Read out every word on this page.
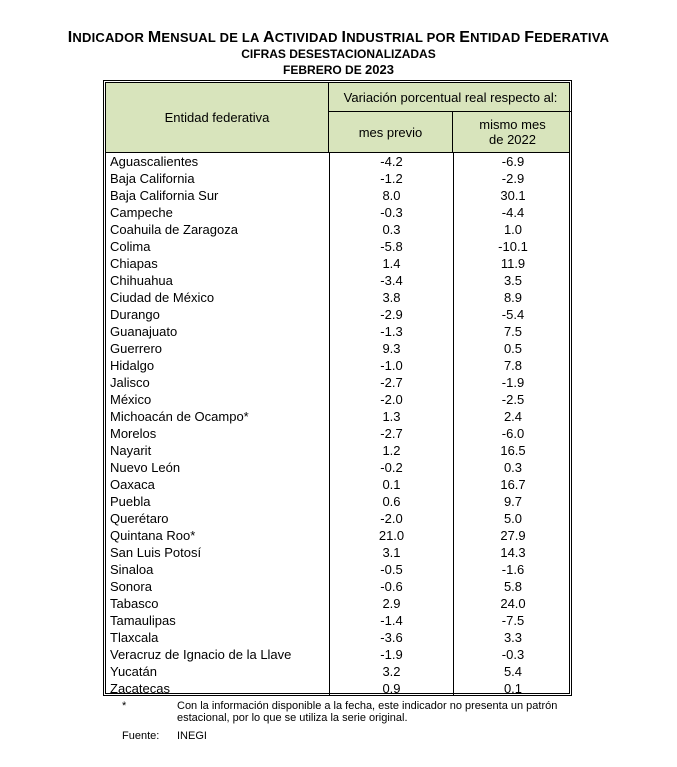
INDICADOR MENSUAL DE LA ACTIVIDAD INDUSTRIAL POR ENTIDAD FEDERATIVA
CIFRAS DESESTACIONALIZADAS
FEBRERO DE 2023
Entidad federativa
Variación porcentual real respecto al:
mes previo	mismo mes
de 2022
Aguascalientes	-4.2	-6.9
Baja California	-1.2	-2.9
Baja California Sur	8.0	30.1
Campeche	-0.3	-4.4
Coahuila de Zaragoza	0.3	1.0
Colima	-5.8	-10.1
Chiapas	1.4	11.9
Chihuahua	-3.4	3.5
Ciudad de México	3.8	8.9
Durango	-2.9	-5.4
Guanajuato	-1.3	7.5
Guerrero	9.3	0.5
Hidalgo	-1.0	7.8
Jalisco	-2.7	-1.9
México	-2.0	-2.5
Michoacán de Ocampo*	1.3	2.4
Morelos	-2.7	-6.0
Nayarit	1.2	16.5
Nuevo León	-0.2	0.3
Oaxaca	0.1	16.7
Puebla	0.6	9.7
Querétaro	-2.0	5.0
Quintana Roo*	21.0	27.9
San Luis Potosí	3.1	14.3
Sinaloa	-0.5	-1.6
Sonora	-0.6	5.8
Tabasco	2.9	24.0
Tamaulipas	-1.4	-7.5
Tlaxcala	-3.6	3.3
Veracruz de Ignacio de la Llave	-1.9	-0.3
Yucatán	3.2	5.4
Zacatecas	0.9	0.1
*	Con la información disponible a la fecha, este indicador no presenta un patrón estacional, por lo que se utiliza la serie original.
Fuente: INEGI
